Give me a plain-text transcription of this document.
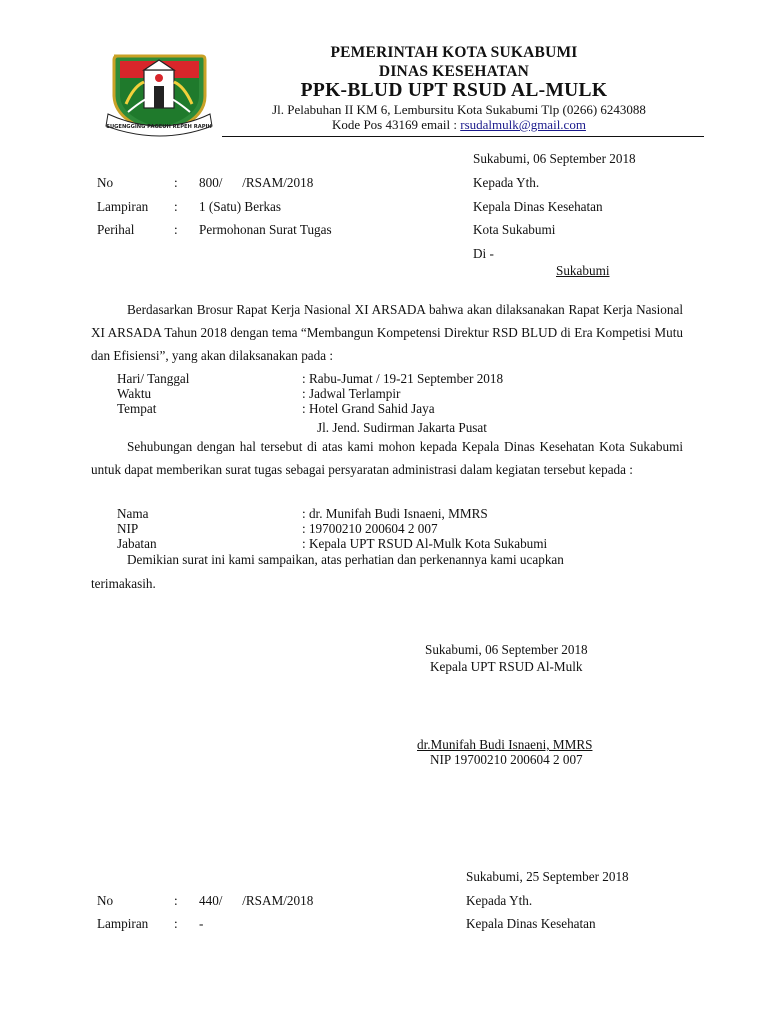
SUGENGGING PAGEUH REPEH RAPIH
PEMERINTAH KOTA SUKABUMI
DINAS KESEHATAN
PPK-BLUD UPT RSUD AL-MULK
Jl. Pelabuhan II KM 6, Lembursitu Kota Sukabumi Tlp (0266) 6243088
Kode Pos 43169 email : rsudalmulk@gmail.com
Sukabumi, 06 September 2018
No	: 800/      /RSAM/2018
Lampiran : 1 (Satu) Berkas
Perihal	: Permohonan Surat Tugas
Kepada Yth.
Kepala Dinas Kesehatan
Kota Sukabumi
Di -
Sukabumi
Berdasarkan Brosur Rapat Kerja Nasional XI ARSADA bahwa akan dilaksanakan Rapat Kerja Nasional XI ARSADA Tahun 2018 dengan tema “Membangun Kompetensi Direktur RSD BLUD di Era Kompetisi Mutu dan Efisiensi”, yang akan dilaksanakan pada :
Hari/ Tanggal	: Rabu-Jumat / 19-21 September 2018
Waktu	: Jadwal Terlampir
Tempat	: Hotel Grand Sahid Jaya
Jl. Jend. Sudirman Jakarta Pusat
Sehubungan dengan hal tersebut di atas kami mohon kepada Kepala Dinas Kesehatan Kota Sukabumi untuk dapat memberikan surat tugas sebagai persyaratan administrasi dalam kegiatan tersebut kepada :
Nama	: dr. Munifah Budi Isnaeni, MMRS
NIP	: 19700210 200604 2 007
Jabatan	: Kepala UPT RSUD Al-Mulk Kota Sukabumi
Demikian surat ini kami sampaikan, atas perhatian dan perkenannya kami ucapkan
terimakasih.
Sukabumi, 06 September 2018
Kepala UPT RSUD Al-Mulk
dr.Munifah Budi Isnaeni, MMRS
NIP 19700210 200604 2 007
Sukabumi, 25 September 2018
No	: 440/      /RSAM/2018
Lampiran : -
Kepada Yth.
Kepala Dinas Kesehatan
